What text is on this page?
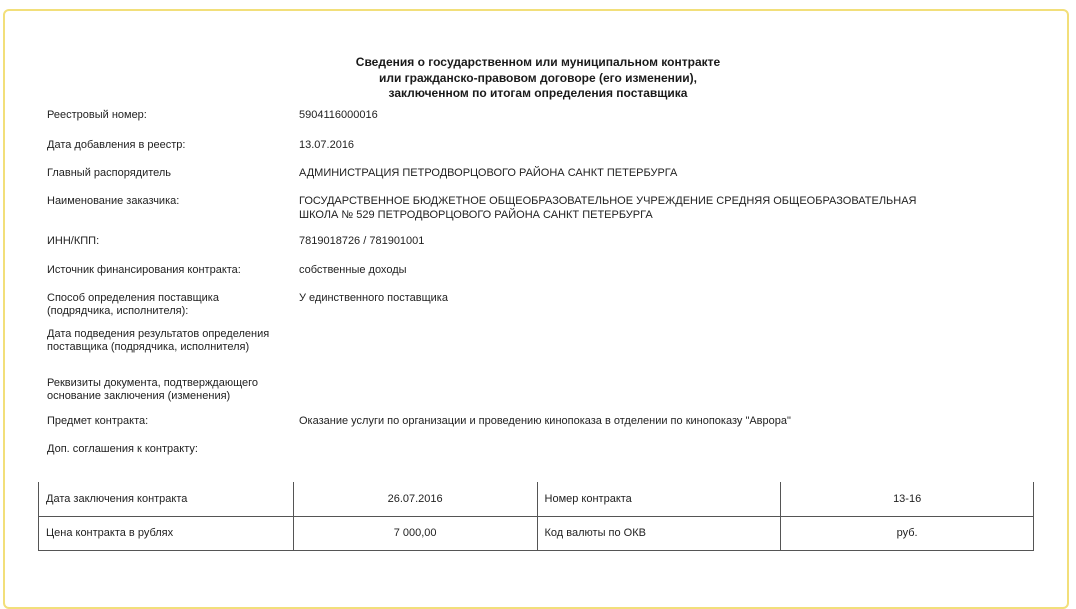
Сведения о государственном или муниципальном контракте
или гражданско-правовом договоре (его изменении),
заключенном по итогам определения поставщика
Реестровый номер:	5904116000016
Дата добавления в реестр:	13.07.2016
Главный распорядитель	АДМИНИСТРАЦИЯ ПЕТРОДВОРЦОВОГО РАЙОНА САНКТ ПЕТЕРБУРГА
Наименование заказчика:	ГОСУДАРСТВЕННОЕ БЮДЖЕТНОЕ ОБЩЕОБРАЗОВАТЕЛЬНОЕ УЧРЕЖДЕНИЕ СРЕДНЯЯ ОБЩЕОБРАЗОВАТЕЛЬНАЯ
ШКОЛА № 529 ПЕТРОДВОРЦОВОГО РАЙОНА САНКТ ПЕТЕРБУРГА
ИНН/КПП:	7819018726 / 781901001
Источник финансирования контракта:	собственные доходы
Способ определения поставщика
(подрядчика, исполнителя):
У единственного поставщика
Дата подведения результатов определения
поставщика (подрядчика, исполнителя)
Реквизиты документа, подтверждающего
основание заключения (изменения)
Предмет контракта:	Оказание услуги по организации и проведению кинопоказа в отделении по кинопоказу "Аврора"
Доп. соглашения к контракту:
Дата заключения контракта	26.07.2016	Номер контракта	13-16
Цена контракта в рублях	7 000,00	Код валюты по ОКВ	руб.
